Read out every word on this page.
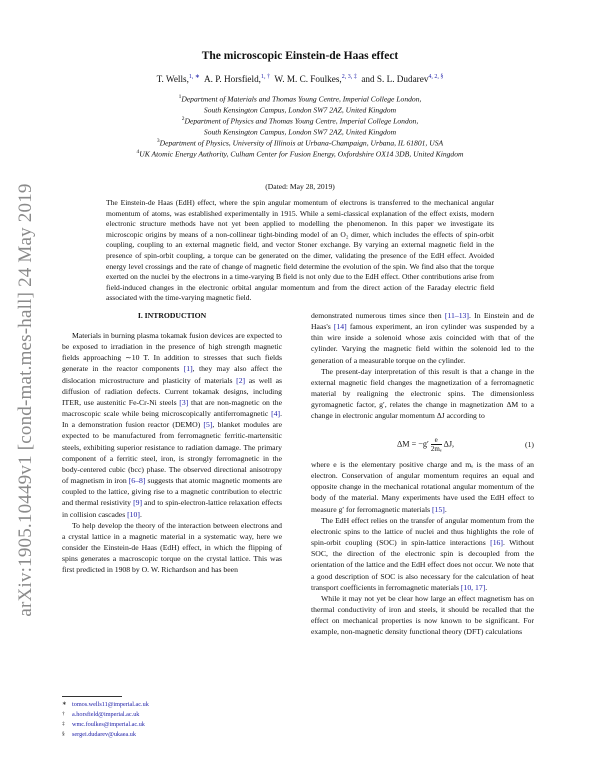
arXiv:1905.10449v1 [cond-mat.mes-hall] 24 May 2019
The microscopic Einstein-de Haas effect
T. Wells,$^{1, ∗}$ A. P. Horsfield,$^{1, \dagger}$ W. M. C. Foulkes,$^{2, 3, \ddagger}$ and S. L. Dudarev$^{4, 2, \S}$
$^1$Department of Materials and Thomas Young Centre, Imperial College London,
South Kensington Campus, London SW7 2AZ, United Kingdom
$^2$Department of Physics and Thomas Young Centre, Imperial College London,
South Kensington Campus, London SW7 2AZ, United Kingdom
$^3$Department of Physics, University of Illinois at Urbana-Champaign, Urbana, IL 61801, USA
$^4$UK Atomic Energy Authority, Culham Center for Fusion Energy, Oxfordshire OX14 3DB, United Kingdom
(Dated: May 28, 2019)
The Einstein-de Haas (EdH) effect, where the spin angular momentum of electrons is transferred to the mechanical angular momentum of atoms, was established experimentally in 1915. While a semi-classical explanation of the effect exists, modern electronic structure methods have not yet been applied to modelling the phenomenon. In this paper we investigate its microscopic origins by means of a non-collinear tight-binding model of an O₂ dimer, which includes the effects of spin-orbit coupling, coupling to an external magnetic field, and vector Stoner exchange. By varying an external magnetic field in the presence of spin-orbit coupling, a torque can be generated on the dimer, validating the presence of the EdH effect. Avoided energy level crossings and the rate of change of magnetic field determine the evolution of the spin. We find also that the torque exerted on the nuclei by the electrons in a time-varying B field is not only due to the EdH effect. Other contributions arise from field-induced changes in the electronic orbital angular momentum and from the direct action of the Faraday electric field associated with the time-varying magnetic field.
I. INTRODUCTION

Materials in burning plasma tokamak fusion devices are expected to be exposed to irradiation in the presence of high strength magnetic fields approaching ∼10 T. In addition to stresses that such fields generate in the reactor components [1], they may also affect the dislocation microstructure and plasticity of materials [2] as well as diffusion of radiation defects. Current tokamak designs, including ITER, use austenitic Fe-Cr-Ni steels [3] that are non-magnetic on the macroscopic scale while being microscopically antiferromagnetic [4]. In a demonstration fusion reactor (DEMO) [5], blanket modules are expected to be manufactured from ferromagnetic ferritic-martensitic steels, exhibiting superior resistance to radiation damage. The primary component of a ferritic steel, iron, is strongly ferromagnetic in the body-centered cubic (bcc) phase. The observed directional anisotropy of magnetism in iron [6–8] suggests that atomic magnetic moments are coupled to the lattice, giving rise to a magnetic contribution to electric and thermal resistivity [9] and to spin-electron-lattice relaxation effects in collision cascades [10].

To help develop the theory of the interaction between electrons and a crystal lattice in a magnetic material in a systematic way, here we consider the Einstein-de Haas (EdH) effect, in which the flipping of spins generates a macroscopic torque on the crystal lattice. This was first predicted in 1908 by O. W. Richardson and has been

demonstrated numerous times since then [11–13]. In Einstein and de Haas's [14] famous experiment, an iron cylinder was suspended by a thin wire inside a solenoid whose axis coincided with that of the cylinder. Varying the magnetic field within the solenoid led to the generation of a measurable torque on the cylinder.

The present-day interpretation of this result is that a change in the external magnetic field changes the magnetization of a ferromagnetic material by realigning the electronic spins. The dimensionless gyromagnetic factor, g′, relates the change in magnetization ΔM to a change in electronic angular momentum ΔJ according to

$\Delta M = -g' \frac{e}{\text{2mₑ}} \Delta J$,	(1)

where e is the elementary positive charge and mₑ is the mass of an electron. Conservation of angular momentum requires an equal and opposite change in the mechanical rotational angular momentum of the body of the material. Many experiments have used the EdH effect to measure g′ for ferromagnetic materials [15].

The EdH effect relies on the transfer of angular momentum from the electronic spins to the lattice of nuclei and thus highlights the role of spin-orbit coupling (SOC) in spin-lattice interactions [16]. Without SOC, the direction of the electronic spin is decoupled from the orientation of the lattice and the EdH effect does not occur. We note that a good description of SOC is also necessary for the calculation of heat transport coefficients in ferromagnetic materials [10, 17].

While it may not yet be clear how large an effect magnetism has on thermal conductivity of iron and steels, it should be recalled that the effect on mechanical properties is now known to be significant. For example, non-magnetic density functional theory (DFT) calculations

∗ tomos.wells11@imperial.ac.uk
† a.horsfield@imperial.ac.uk
‡ wmc.foulkes@imperial.ac.uk
§ sergei.dudarev@ukaea.uk
